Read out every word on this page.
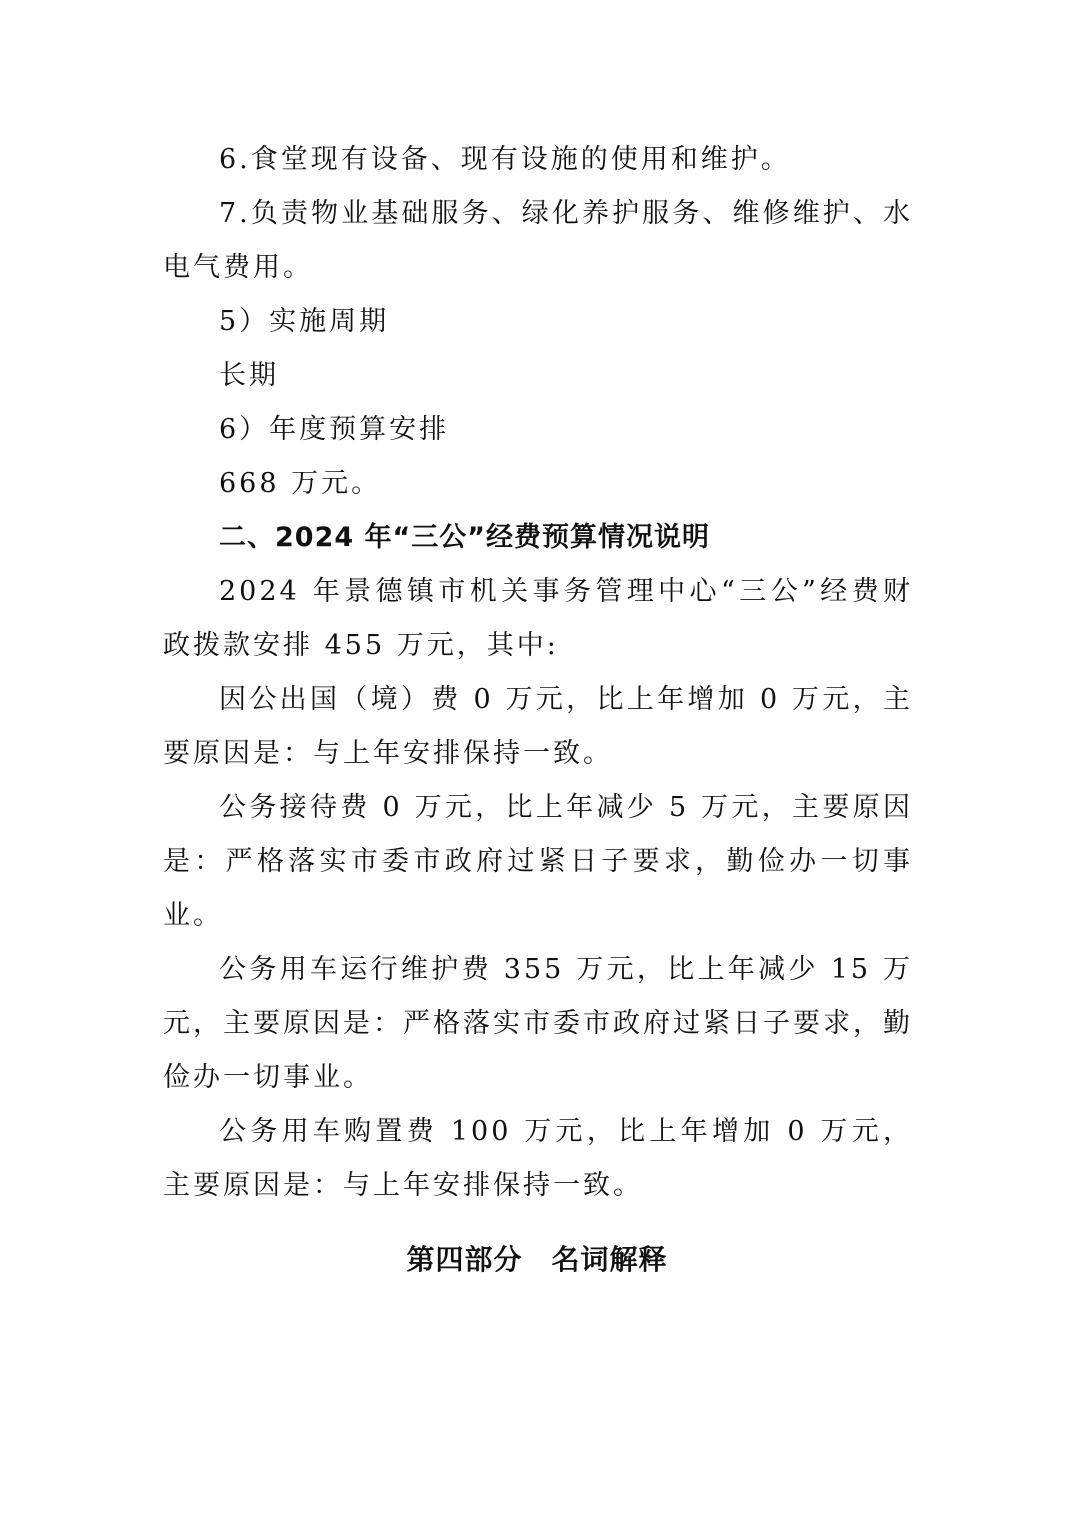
6.食堂现有设备、现有设施的使用和维护。

7.负责物业基础服务、绿化养护服务、维修维护、水电气费用。

5）实施周期

长期

6）年度预算安排

668 万元。

二、2024 年“三公”经费预算情况说明

2024 年景德镇市机关事务管理中心“三公”经费财政拨款安排 455 万元，其中:

因公出国（境）费 0 万元，比上年增加 0 万元，主要原因是：与上年安排保持一致。

公务接待费 0 万元，比上年减少 5 万元，主要原因是：严格落实市委市政府过紧日子要求，勤俭办一切事业。

公务用车运行维护费 355 万元，比上年减少 15 万元，主要原因是：严格落实市委市政府过紧日子要求，勤俭办一切事业。

公务用车购置费 100 万元，比上年增加 0 万元，主要原因是：与上年安排保持一致。

第四部分　名词解释
